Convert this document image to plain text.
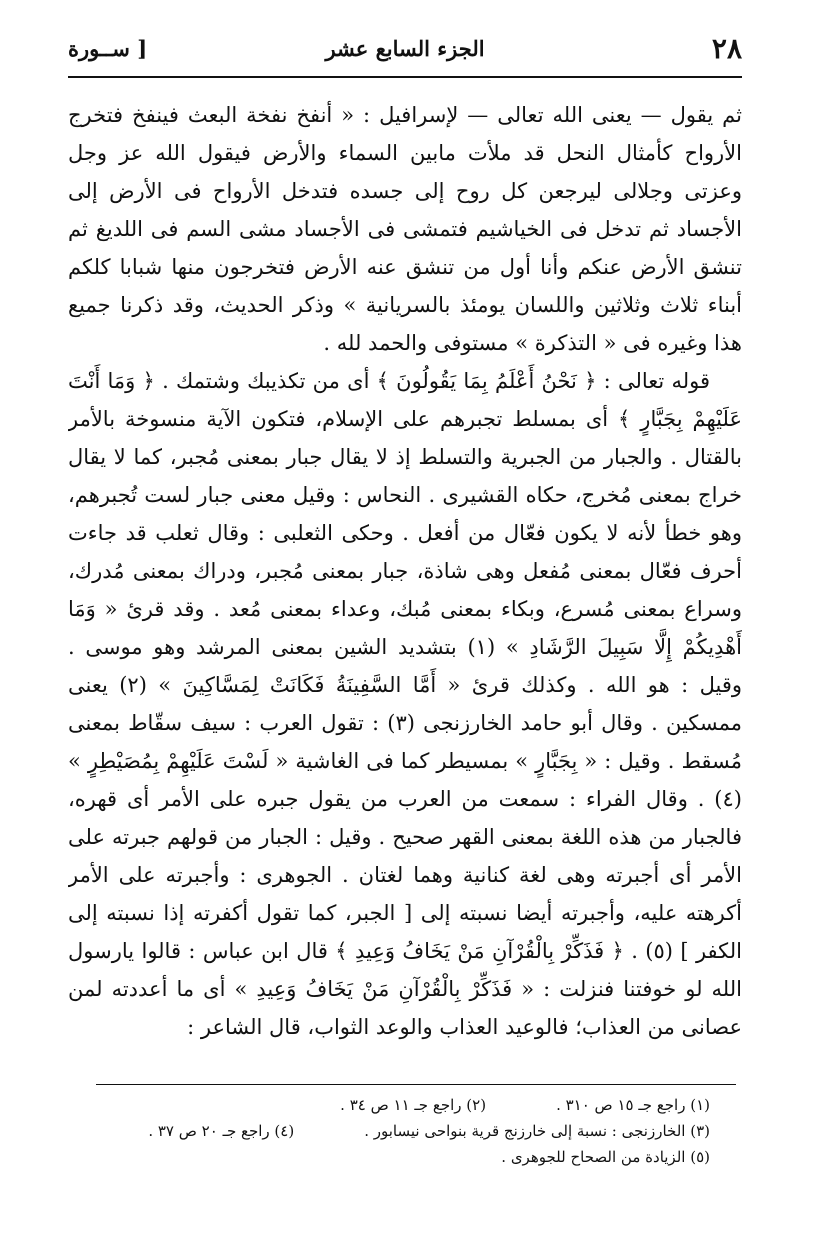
٢٨
الجزء السابع عشر
[ ســورة

ثم يقول — يعنى الله تعالى — لإسرافيل : « أنفخ نفخة البعث فينفخ فتخرج الأرواح كأمثال النحل قد ملأت مابين السماء والأرض فيقول الله عز وجل وعزتى وجلالى ليرجعن كل روح إلى جسده فتدخل الأرواح فى الأرض إلى الأجساد ثم تدخل فى الخياشيم فتمشى فى الأجساد مشى السم فى اللديغ ثم تنشق الأرض عنكم وأنا أول من تنشق عنه الأرض فتخرجون منها شبابا كلكم أبناء ثلاث وثلاثين واللسان يومئذ بالسريانية » وذكر الحديث، وقد ذكرنا جميع هذا وغيره فى « التذكرة » مستوفى والحمد لله .

قوله تعالى : ﴿ نَحْنُ أَعْلَمُ بِمَا يَقُولُونَ ﴾ أى من تكذيبك وشتمك . ﴿ وَمَا أَنْتَ عَلَيْهِمْ بِجَبَّارٍ ﴾ أى بمسلط تجبرهم على الإسلام، فتكون الآية منسوخة بالأمر بالقتال . والجبار من الجبرية والتسلط إذ لا يقال جبار بمعنى مُجبر، كما لا يقال خراج بمعنى مُخرج، حكاه القشيرى . النحاس : وقيل معنى جبار لست تُجبرهم، وهو خطأ لأنه لا يكون فعّال من أفعل . وحكى الثعلبى : وقال ثعلب قد جاءت أحرف فعّال بمعنى مُفعل وهى شاذة، جبار بمعنى مُجبر، ودراك بمعنى مُدرك، وسراع بمعنى مُسرع، وبكاء بمعنى مُبك، وعداء بمعنى مُعد . وقد قرئ « وَمَا أَهْدِيكُمْ إِلَّا سَبِيلَ الرَّشَادِ » (١) بتشديد الشين بمعنى المرشد وهو موسى . وقيل : هو الله . وكذلك قرئ « أَمَّا السَّفِينَةُ فَكَانَتْ لِمَسَّاكِينَ » (٢) يعنى ممسكين . وقال أبو حامد الخارزنجى (٣) : تقول العرب : سيف سقّاط بمعنى مُسقط . وقيل : « بِجَبَّارٍ » بمسيطر كما فى الغاشية « لَسْتَ عَلَيْهِمْ بِمُصَيْطِرٍ » (٤) . وقال الفراء : سمعت من العرب من يقول جبره على الأمر أى قهره، فالجبار من هذه اللغة بمعنى القهر صحيح . وقيل : الجبار من قولهم جبرته على الأمر أى أجبرته وهى لغة كنانية وهما لغتان . الجوهرى : وأجبرته على الأمر أكرهته عليه، وأجبرته أيضا نسبته إلى [ الجبر، كما تقول أكفرته إذا نسبته إلى الكفر ] (٥) . ﴿ فَذَكِّرْ بِالْقُرْآنِ مَنْ يَخَافُ وَعِيدِ ﴾ قال ابن عباس : قالوا يارسول الله لو خوفتنا فنزلت : « فَذَكِّرْ بِالْقُرْآنِ مَنْ يَخَافُ وَعِيدِ » أى ما أعددته لمن عصانى من العذاب؛ فالوعيد العذاب والوعد الثواب، قال الشاعر :

(١) راجع جـ ١٥ ص ٣١٠ .
(٢) راجع جـ ١١ ص ٣٤ .
(٣) الخارزنجى : نسبة إلى خارزنج قرية بنواحى نيسابور .
(٤) راجع جـ ٢٠ ص ٣٧ .
(٥) الزيادة من الصحاح للجوهرى .
